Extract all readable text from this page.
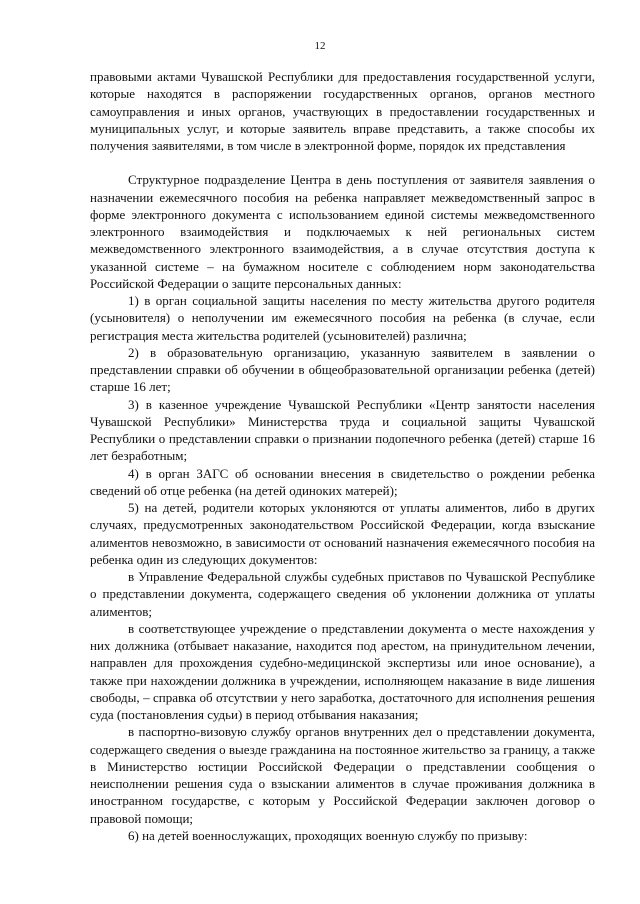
12

правовыми актами Чувашской Республики для предоставления государственной услуги, которые находятся в распоряжении государственных органов, органов местного самоуправления и иных органов, участвующих в предоставлении государственных и муниципальных услуг, и которые заявитель вправе представить, а также способы их получения заявителями, в том числе в электронной форме, порядок их представления

Структурное подразделение Центра в день поступления от заявителя заявления о назначении ежемесячного пособия на ребенка направляет межведомственный запрос в форме электронного документа с использованием единой системы межведомственного электронного взаимодействия и подключаемых к ней региональных систем межведомственного электронного взаимодействия, а в случае отсутствия доступа к указанной системе – на бумажном носителе с соблюдением норм законодательства Российской Федерации о защите персональных данных:

1) в орган социальной защиты населения по месту жительства другого родителя (усыновителя) о неполучении им ежемесячного пособия на ребенка (в случае, если регистрация места жительства родителей (усыновителей) различна;

2) в образовательную организацию, указанную заявителем в заявлении о представлении справки об обучении в общеобразовательной организации ребенка (детей) старше 16 лет;

3) в казенное учреждение Чувашской Республики «Центр занятости населения Чувашской Республики» Министерства труда и социальной защиты Чувашской Республики о представлении справки о признании подопечного ребенка (детей) старше 16 лет безработным;

4) в орган ЗАГС об основании внесения в свидетельство о рождении ребенка сведений об отце ребенка (на детей одиноких матерей);

5) на детей, родители которых уклоняются от уплаты алиментов, либо в других случаях, предусмотренных законодательством Российской Федерации, когда взыскание алиментов невозможно, в зависимости от оснований назначения ежемесячного пособия на ребенка один из следующих документов:

в Управление Федеральной службы судебных приставов по Чувашской Республике о представлении документа, содержащего сведения об уклонении должника от уплаты алиментов;

в соответствующее учреждение о представлении документа о месте нахождения у них должника (отбывает наказание, находится под арестом, на принудительном лечении, направлен для прохождения судебно-медицинской экспертизы или иное основание), а также при нахождении должника в учреждении, исполняющем наказание в виде лишения свободы, – справка об отсутствии у него заработка, достаточного для исполнения решения суда (постановления судьи) в период отбывания наказания;

в паспортно-визовую службу органов внутренних дел о представлении документа, содержащего сведения о выезде гражданина на постоянное жительство за границу, а также в Министерство юстиции Российской Федерации о представлении сообщения о неисполнении решения суда о взыскании алиментов в случае проживания должника в иностранном государстве, с которым у Российской Федерации заключен договор о правовой помощи;

6) на детей военнослужащих, проходящих военную службу по призыву:
